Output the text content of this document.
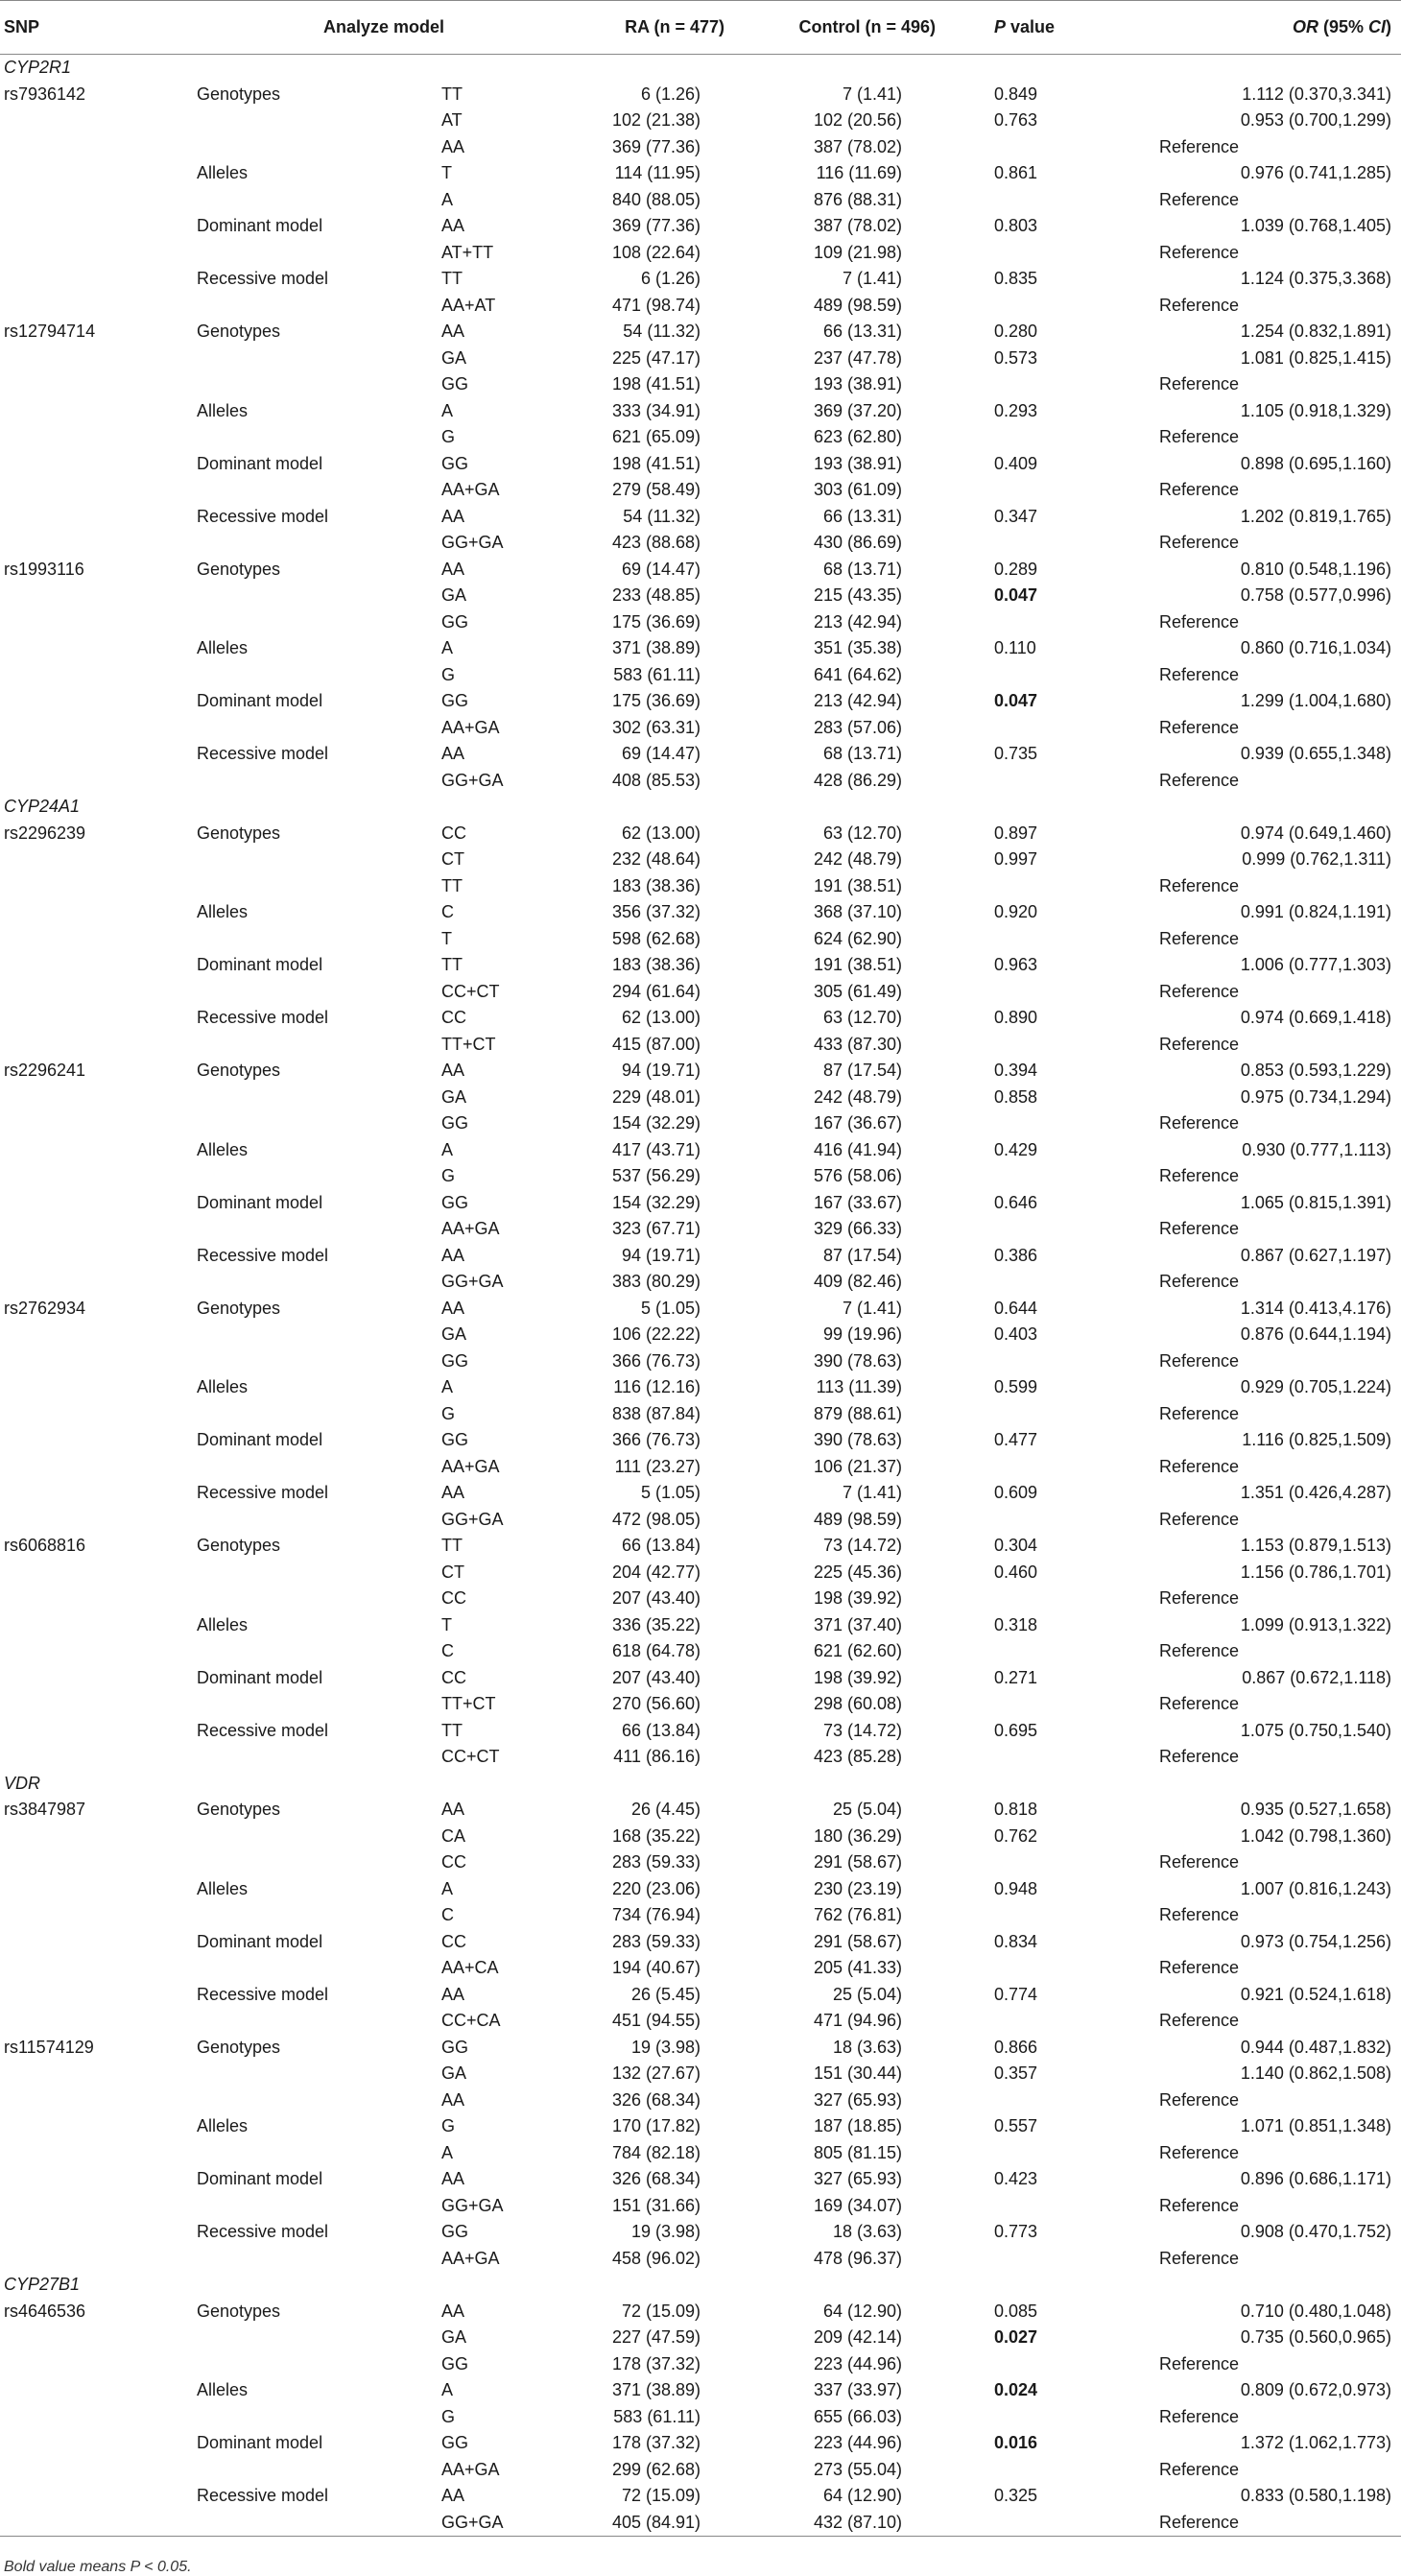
SNP	Analyze model		RA (n = 477)	Control (n = 496)	P value	OR (95% CI)
CYP2R1						
rs7936142	Genotypes	TT	6 (1.26)	7 (1.41)	0.849	1.112 (0.370,3.341)
		AT	102 (21.38)	102 (20.56)	0.763	0.953 (0.700,1.299)
		AA	369 (77.36)	387 (78.02)		Reference
	Alleles	T	114 (11.95)	116 (11.69)	0.861	0.976 (0.741,1.285)
		A	840 (88.05)	876 (88.31)		Reference
	Dominant model	AA	369 (77.36)	387 (78.02)	0.803	1.039 (0.768,1.405)
		AT+TT	108 (22.64)	109 (21.98)		Reference
	Recessive model	TT	6 (1.26)	7 (1.41)	0.835	1.124 (0.375,3.368)
		AA+AT	471 (98.74)	489 (98.59)		Reference
rs12794714	Genotypes	AA	54 (11.32)	66 (13.31)	0.280	1.254 (0.832,1.891)
		GA	225 (47.17)	237 (47.78)	0.573	1.081 (0.825,1.415)
		GG	198 (41.51)	193 (38.91)		Reference
	Alleles	A	333 (34.91)	369 (37.20)	0.293	1.105 (0.918,1.329)
		G	621 (65.09)	623 (62.80)		Reference
	Dominant model	GG	198 (41.51)	193 (38.91)	0.409	0.898 (0.695,1.160)
		AA+GA	279 (58.49)	303 (61.09)		Reference
	Recessive model	AA	54 (11.32)	66 (13.31)	0.347	1.202 (0.819,1.765)
		GG+GA	423 (88.68)	430 (86.69)		Reference
rs1993116	Genotypes	AA	69 (14.47)	68 (13.71)	0.289	0.810 (0.548,1.196)
		GA	233 (48.85)	215 (43.35)	0.047	0.758 (0.577,0.996)
		GG	175 (36.69)	213 (42.94)		Reference
	Alleles	A	371 (38.89)	351 (35.38)	0.110	0.860 (0.716,1.034)
		G	583 (61.11)	641 (64.62)		Reference
	Dominant model	GG	175 (36.69)	213 (42.94)	0.047	1.299 (1.004,1.680)
		AA+GA	302 (63.31)	283 (57.06)		Reference
	Recessive model	AA	69 (14.47)	68 (13.71)	0.735	0.939 (0.655,1.348)
		GG+GA	408 (85.53)	428 (86.29)		Reference
CYP24A1						
rs2296239	Genotypes	CC	62 (13.00)	63 (12.70)	0.897	0.974 (0.649,1.460)
		CT	232 (48.64)	242 (48.79)	0.997	0.999 (0.762,1.311)
		TT	183 (38.36)	191 (38.51)		Reference
	Alleles	C	356 (37.32)	368 (37.10)	0.920	0.991 (0.824,1.191)
		T	598 (62.68)	624 (62.90)		Reference
	Dominant model	TT	183 (38.36)	191 (38.51)	0.963	1.006 (0.777,1.303)
		CC+CT	294 (61.64)	305 (61.49)		Reference
	Recessive model	CC	62 (13.00)	63 (12.70)	0.890	0.974 (0.669,1.418)
		TT+CT	415 (87.00)	433 (87.30)		Reference
rs2296241	Genotypes	AA	94 (19.71)	87 (17.54)	0.394	0.853 (0.593,1.229)
		GA	229 (48.01)	242 (48.79)	0.858	0.975 (0.734,1.294)
		GG	154 (32.29)	167 (36.67)		Reference
	Alleles	A	417 (43.71)	416 (41.94)	0.429	0.930 (0.777,1.113)
		G	537 (56.29)	576 (58.06)		Reference
	Dominant model	GG	154 (32.29)	167 (33.67)	0.646	1.065 (0.815,1.391)
		AA+GA	323 (67.71)	329 (66.33)		Reference
	Recessive model	AA	94 (19.71)	87 (17.54)	0.386	0.867 (0.627,1.197)
		GG+GA	383 (80.29)	409 (82.46)		Reference
rs2762934	Genotypes	AA	5 (1.05)	7 (1.41)	0.644	1.314 (0.413,4.176)
		GA	106 (22.22)	99 (19.96)	0.403	0.876 (0.644,1.194)
		GG	366 (76.73)	390 (78.63)		Reference
	Alleles	A	116 (12.16)	113 (11.39)	0.599	0.929 (0.705,1.224)
		G	838 (87.84)	879 (88.61)		Reference
	Dominant model	GG	366 (76.73)	390 (78.63)	0.477	1.116 (0.825,1.509)
		AA+GA	111 (23.27)	106 (21.37)		Reference
	Recessive model	AA	5 (1.05)	7 (1.41)	0.609	1.351 (0.426,4.287)
		GG+GA	472 (98.05)	489 (98.59)		Reference
rs6068816	Genotypes	TT	66 (13.84)	73 (14.72)	0.304	1.153 (0.879,1.513)
		CT	204 (42.77)	225 (45.36)	0.460	1.156 (0.786,1.701)
		CC	207 (43.40)	198 (39.92)		Reference
	Alleles	T	336 (35.22)	371 (37.40)	0.318	1.099 (0.913,1.322)
		C	618 (64.78)	621 (62.60)		Reference
	Dominant model	CC	207 (43.40)	198 (39.92)	0.271	0.867 (0.672,1.118)
		TT+CT	270 (56.60)	298 (60.08)		Reference
	Recessive model	TT	66 (13.84)	73 (14.72)	0.695	1.075 (0.750,1.540)
		CC+CT	411 (86.16)	423 (85.28)		Reference
VDR						
rs3847987	Genotypes	AA	26 (4.45)	25 (5.04)	0.818	0.935 (0.527,1.658)
		CA	168 (35.22)	180 (36.29)	0.762	1.042 (0.798,1.360)
		CC	283 (59.33)	291 (58.67)		Reference
	Alleles	A	220 (23.06)	230 (23.19)	0.948	1.007 (0.816,1.243)
		C	734 (76.94)	762 (76.81)		Reference
	Dominant model	CC	283 (59.33)	291 (58.67)	0.834	0.973 (0.754,1.256)
		AA+CA	194 (40.67)	205 (41.33)		Reference
	Recessive model	AA	26 (5.45)	25 (5.04)	0.774	0.921 (0.524,1.618)
		CC+CA	451 (94.55)	471 (94.96)		Reference
rs11574129	Genotypes	GG	19 (3.98)	18 (3.63)	0.866	0.944 (0.487,1.832)
		GA	132 (27.67)	151 (30.44)	0.357	1.140 (0.862,1.508)
		AA	326 (68.34)	327 (65.93)		Reference
	Alleles	G	170 (17.82)	187 (18.85)	0.557	1.071 (0.851,1.348)
		A	784 (82.18)	805 (81.15)		Reference
	Dominant model	AA	326 (68.34)	327 (65.93)	0.423	0.896 (0.686,1.171)
		GG+GA	151 (31.66)	169 (34.07)		Reference
	Recessive model	GG	19 (3.98)	18 (3.63)	0.773	0.908 (0.470,1.752)
		AA+GA	458 (96.02)	478 (96.37)		Reference
CYP27B1						
rs4646536	Genotypes	AA	72 (15.09)	64 (12.90)	0.085	0.710 (0.480,1.048)
		GA	227 (47.59)	209 (42.14)	0.027	0.735 (0.560,0.965)
		GG	178 (37.32)	223 (44.96)		Reference
	Alleles	A	371 (38.89)	337 (33.97)	0.024	0.809 (0.672,0.973)
		G	583 (61.11)	655 (66.03)		Reference
	Dominant model	GG	178 (37.32)	223 (44.96)	0.016	1.372 (1.062,1.773)
		AA+GA	299 (62.68)	273 (55.04)		Reference
	Recessive model	AA	72 (15.09)	64 (12.90)	0.325	0.833 (0.580,1.198)
		GG+GA	405 (84.91)	432 (87.10)		Reference
Bold value means P < 0.05.
